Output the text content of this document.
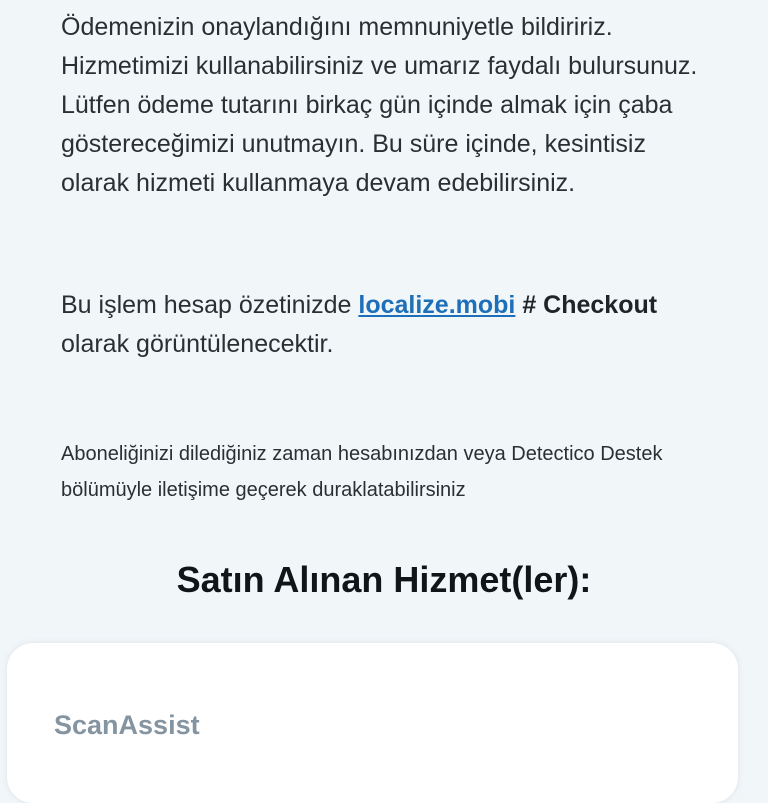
Ödemenizin onaylandığını memnuniyetle bildiririz. Hizmetimizi kullanabilirsiniz ve umarız faydalı bulursunuz. Lütfen ödeme tutarını birkaç gün içinde almak için çaba göstereceğimizi unutmayın. Bu süre içinde, kesintisiz olarak hizmeti kullanmaya devam edebilirsiniz.

Bu işlem hesap özetinizde localize.mobi # Checkout olarak görüntülenecektir.

Aboneliğinizi dilediğiniz zaman hesabınızdan veya Detectico Destek bölümüyle iletişime geçerek duraklatabilirsiniz

Satın Alınan Hizmet(ler):
ScanAssist
